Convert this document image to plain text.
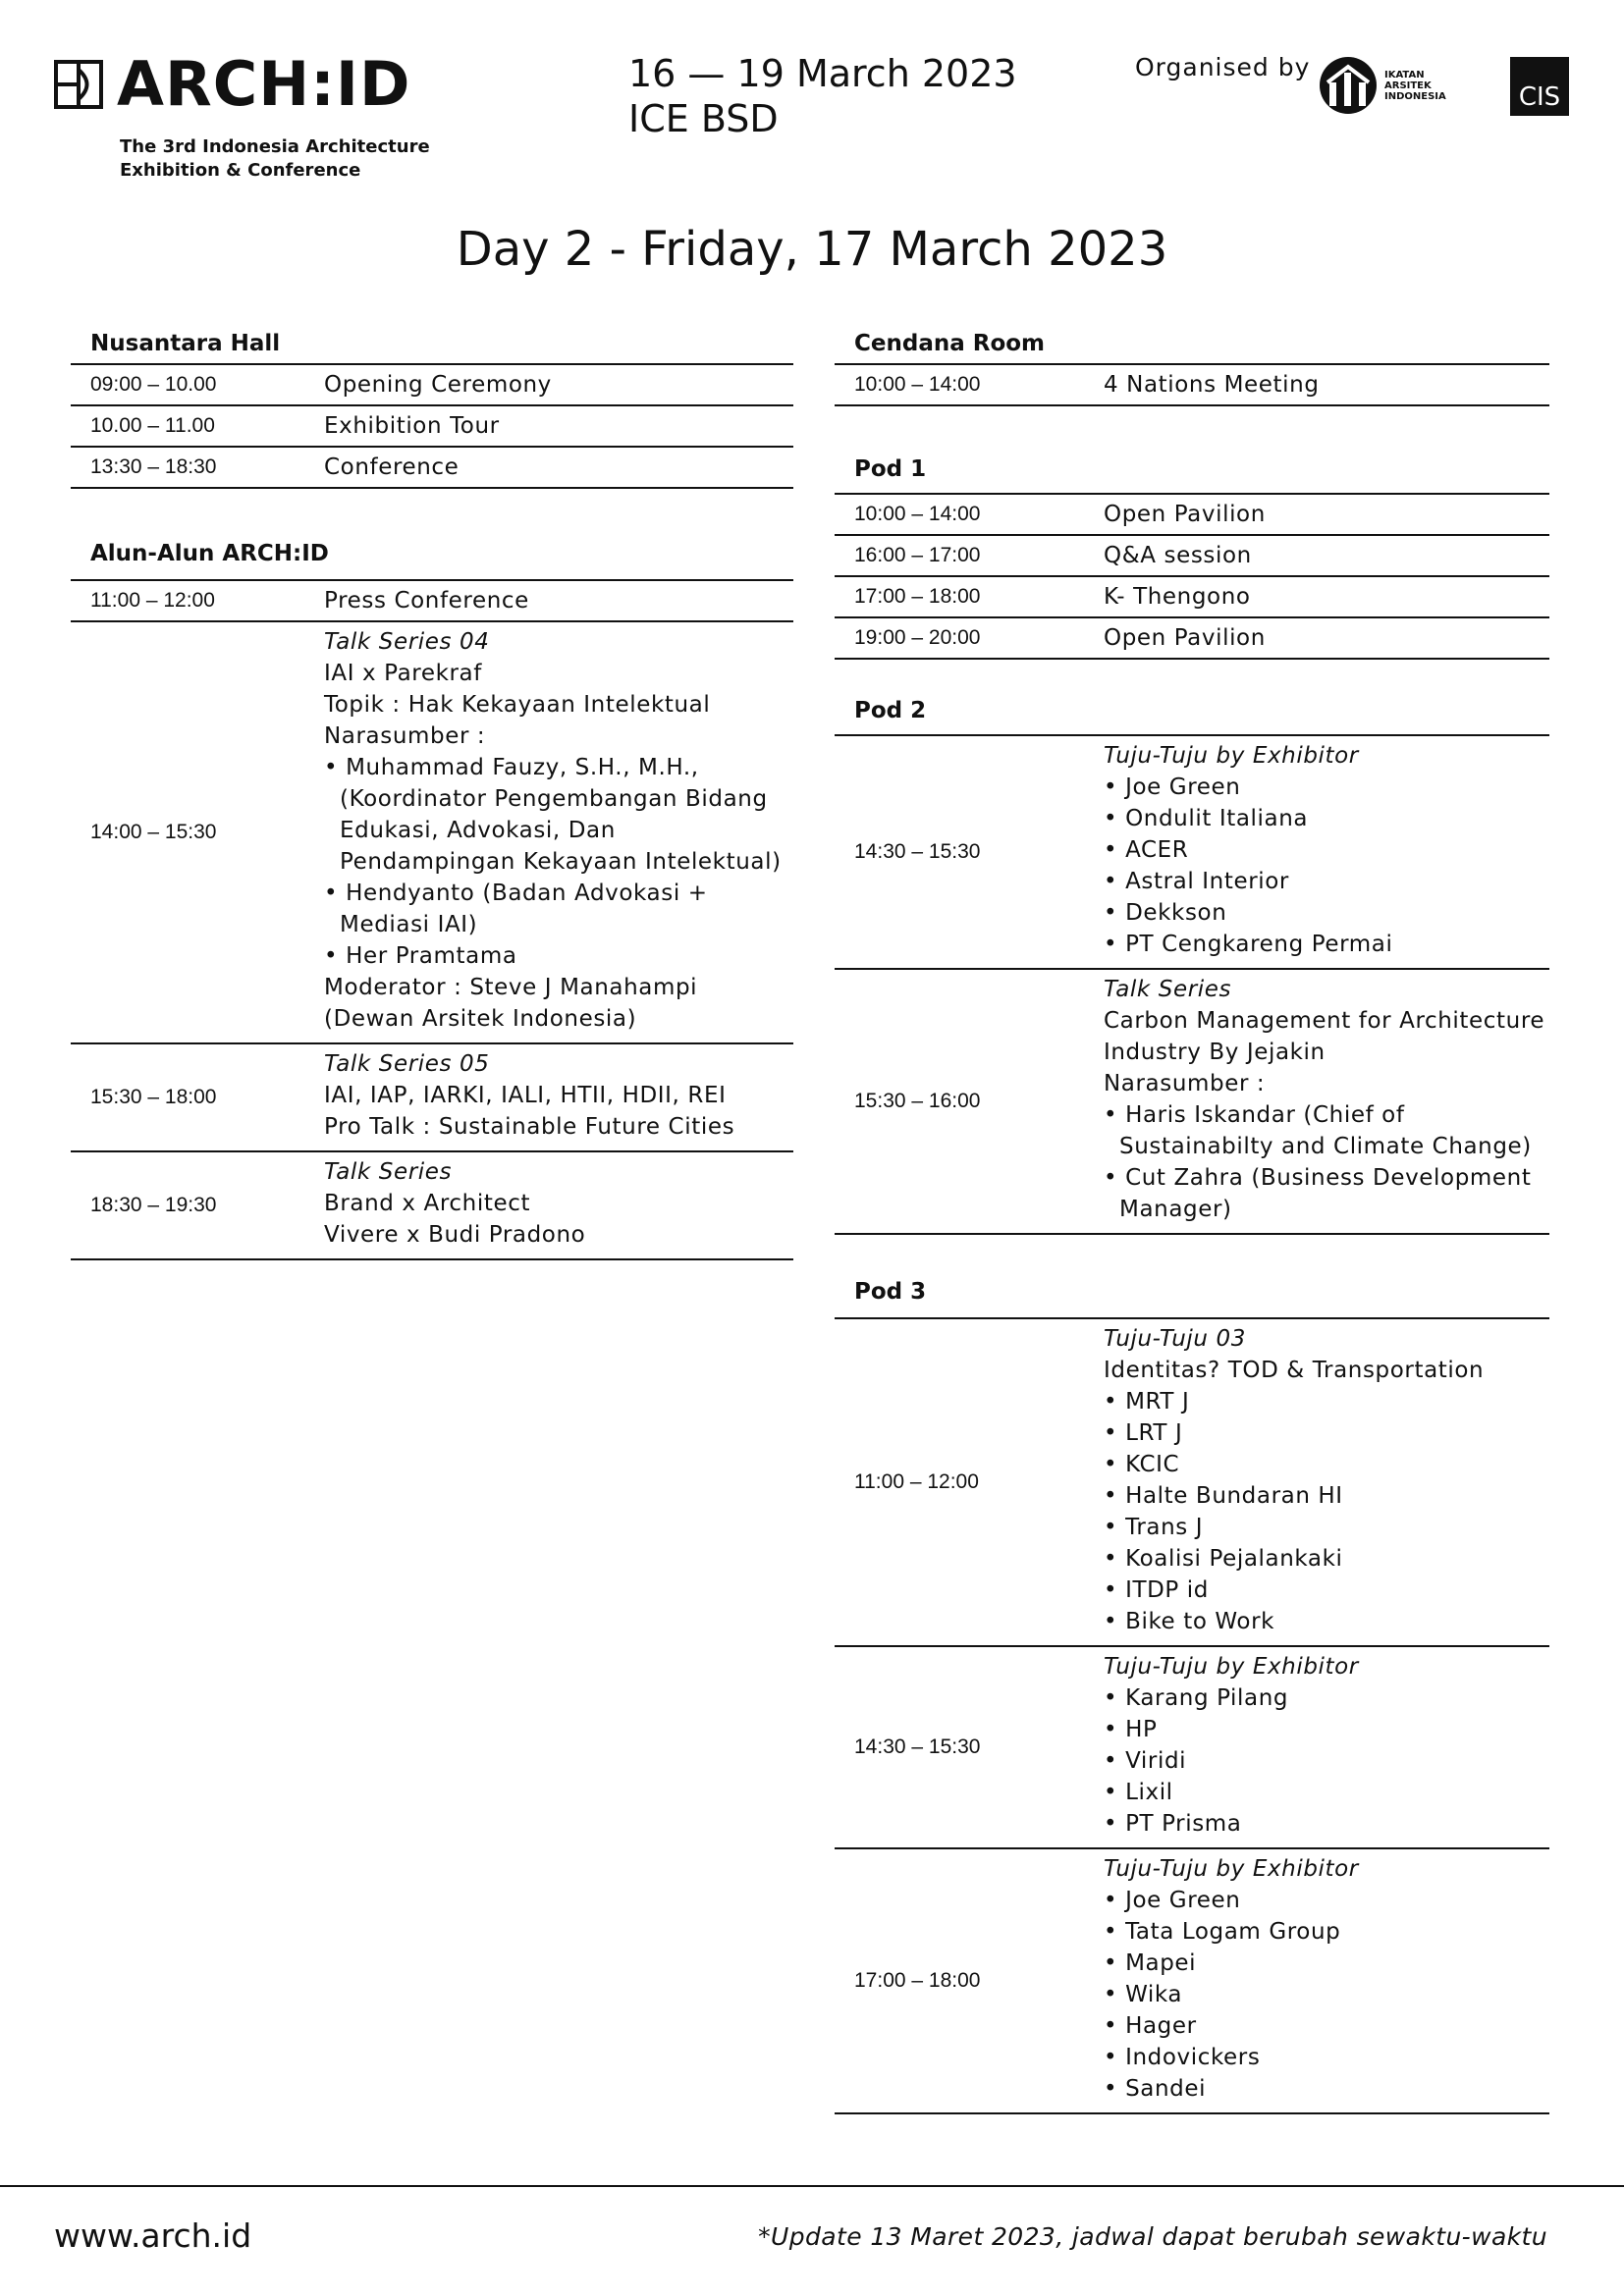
ARCH:ID
The 3rd Indonesia Architecture
Exhibition & Conference
16 — 19 March 2023
ICE BSD
Organised by	IKATAN
ARSITEK
INDONESIA	CIS
Day 2 - Friday, 17 March 2023
Nusantara Hall
09:00 – 10.00	Opening Ceremony
10.00 – 11.00	Exhibition Tour
13:30 – 18:30	Conference
Alun-Alun ARCH:ID
11:00 – 12:00	Press Conference
14:00 – 15:30
Talk Series 04
IAI x Parekraf
Topik : Hak Kekayaan Intelektual
Narasumber :
• Muhammad Fauzy, S.H., M.H., (Koordinator Pengembangan Bidang Edukasi, Advokasi, Dan Pendampingan Kekayaan Intelektual)
• Hendyanto (Badan Advokasi + Mediasi IAI)
• Her Pramtama
Moderator : Steve J Manahampi
(Dewan Arsitek Indonesia)
15:30 – 18:00
Talk Series 05
IAI, IAP, IARKI, IALI, HTII, HDII, REI
Pro Talk : Sustainable Future Cities
18:30 – 19:30
Talk Series
Brand x Architect
Vivere x Budi Pradono
Cendana Room
10:00 – 14:00	4 Nations Meeting
Pod 1
10:00 – 14:00	Open Pavilion
16:00 – 17:00	Q&A session
17:00 – 18:00	K- Thengono
19:00 – 20:00	Open Pavilion
Pod 2
14:30 – 15:30
Tuju-Tuju by Exhibitor
• Joe Green
• Ondulit Italiana
• ACER
• Astral Interior
• Dekkson
• PT Cengkareng Permai
15:30 – 16:00
Talk Series
Carbon Management for Architecture Industry By Jejakin
Narasumber :
• Haris Iskandar (Chief of Sustainabilty and Climate Change)
• Cut Zahra (Business Development Manager)
Pod 3
11:00 – 12:00
Tuju-Tuju 03
Identitas? TOD & Transportation
• MRT J
• LRT J
• KCIC
• Halte Bundaran HI
• Trans J
• Koalisi Pejalankaki
• ITDP id
• Bike to Work
14:30 – 15:30
Tuju-Tuju by Exhibitor
• Karang Pilang
• HP
• Viridi
• Lixil
• PT Prisma
17:00 – 18:00
Tuju-Tuju by Exhibitor
• Joe Green
• Tata Logam Group
• Mapei
• Wika
• Hager
• Indovickers
• Sandei
www.arch.id	*Update 13 Maret 2023, jadwal dapat berubah sewaktu-waktu
